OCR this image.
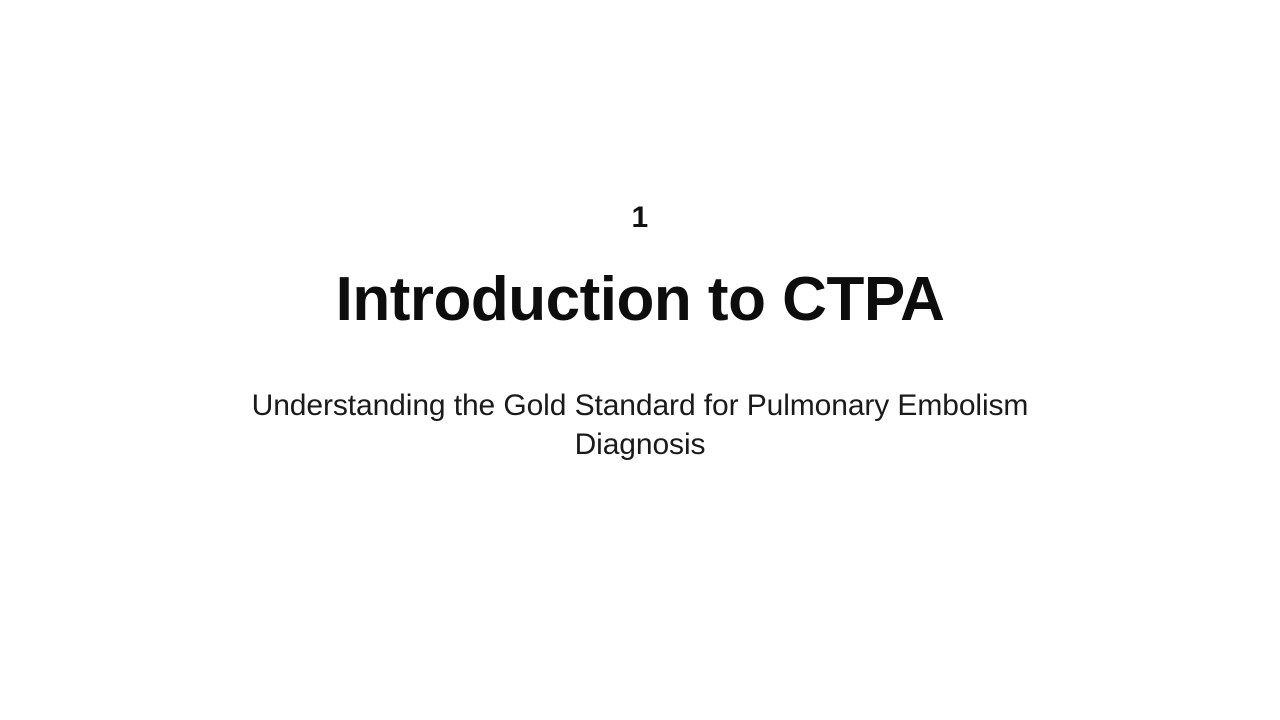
1
Introduction to CTPA
Understanding the Gold Standard for Pulmonary Embolism Diagnosis
